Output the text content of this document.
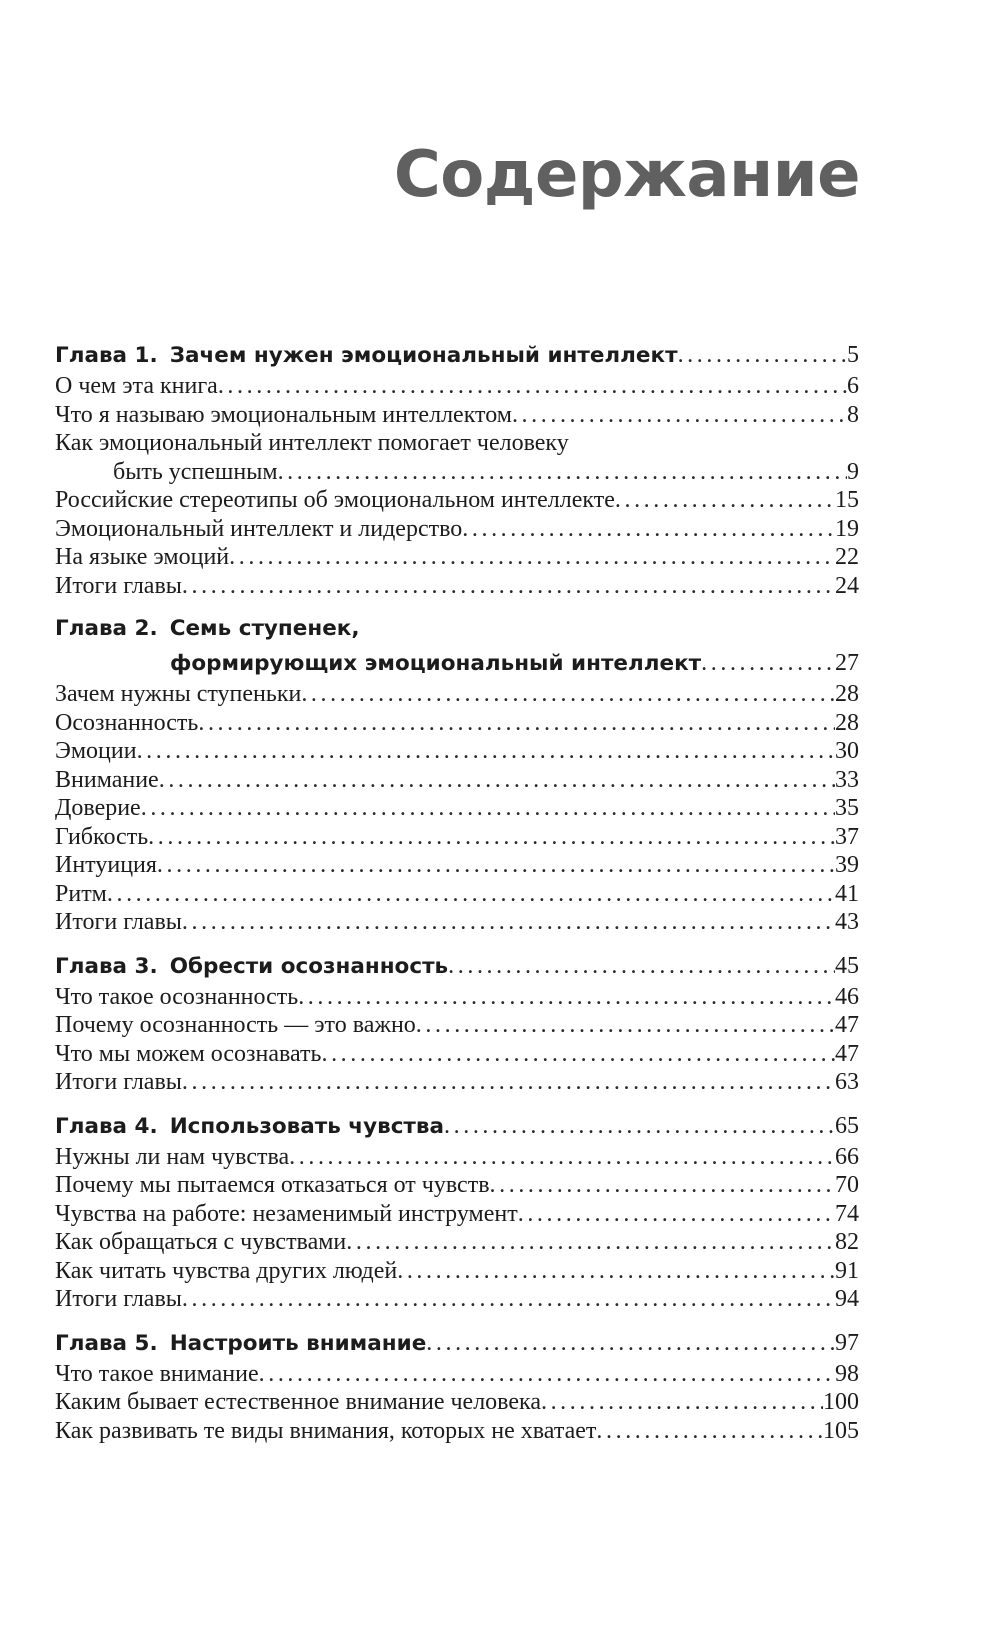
Содержание
Глава 1. Зачем нужен эмоциональный интеллект . . .	5
О чем эта книга . . .	6
Что я называю эмоциональным интеллектом . . .	8
Как эмоциональный интеллект помогает человеку
быть успешным . . .	9
Российские стереотипы об эмоциональном интеллекте . . .	15
Эмоциональный интеллект и лидерство . . .	19
На языке эмоций . . .	22
Итоги главы . . .	24
Глава 2. Семь ступенек,
формирующих эмоциональный интеллект . . .	27
Зачем нужны ступеньки . . .	28
Осознанность . . .	28
Эмоции . . .	30
Внимание . . .	33
Доверие . . .	35
Гибкость . . .	37
Интуиция . . .	39
Ритм . . .	41
Итоги главы . . .	43
Глава 3. Обрести осознанность . . .	45
Что такое осознанность . . .	46
Почему осознанность — это важно . . .	47
Что мы можем осознавать . . .	47
Итоги главы . . .	63
Глава 4. Использовать чувства . . .	65
Нужны ли нам чувства . . .	66
Почему мы пытаемся отказаться от чувств . . .	70
Чувства на работе: незаменимый инструмент . . .	74
Как обращаться с чувствами . . .	82
Как читать чувства других людей . . .	91
Итоги главы . . .	94
Глава 5. Настроить внимание . . .	97
Что такое внимание . . .	98
Каким бывает естественное внимание человека . . .	100
Как развивать те виды внимания, которых не хватает . . .	105
